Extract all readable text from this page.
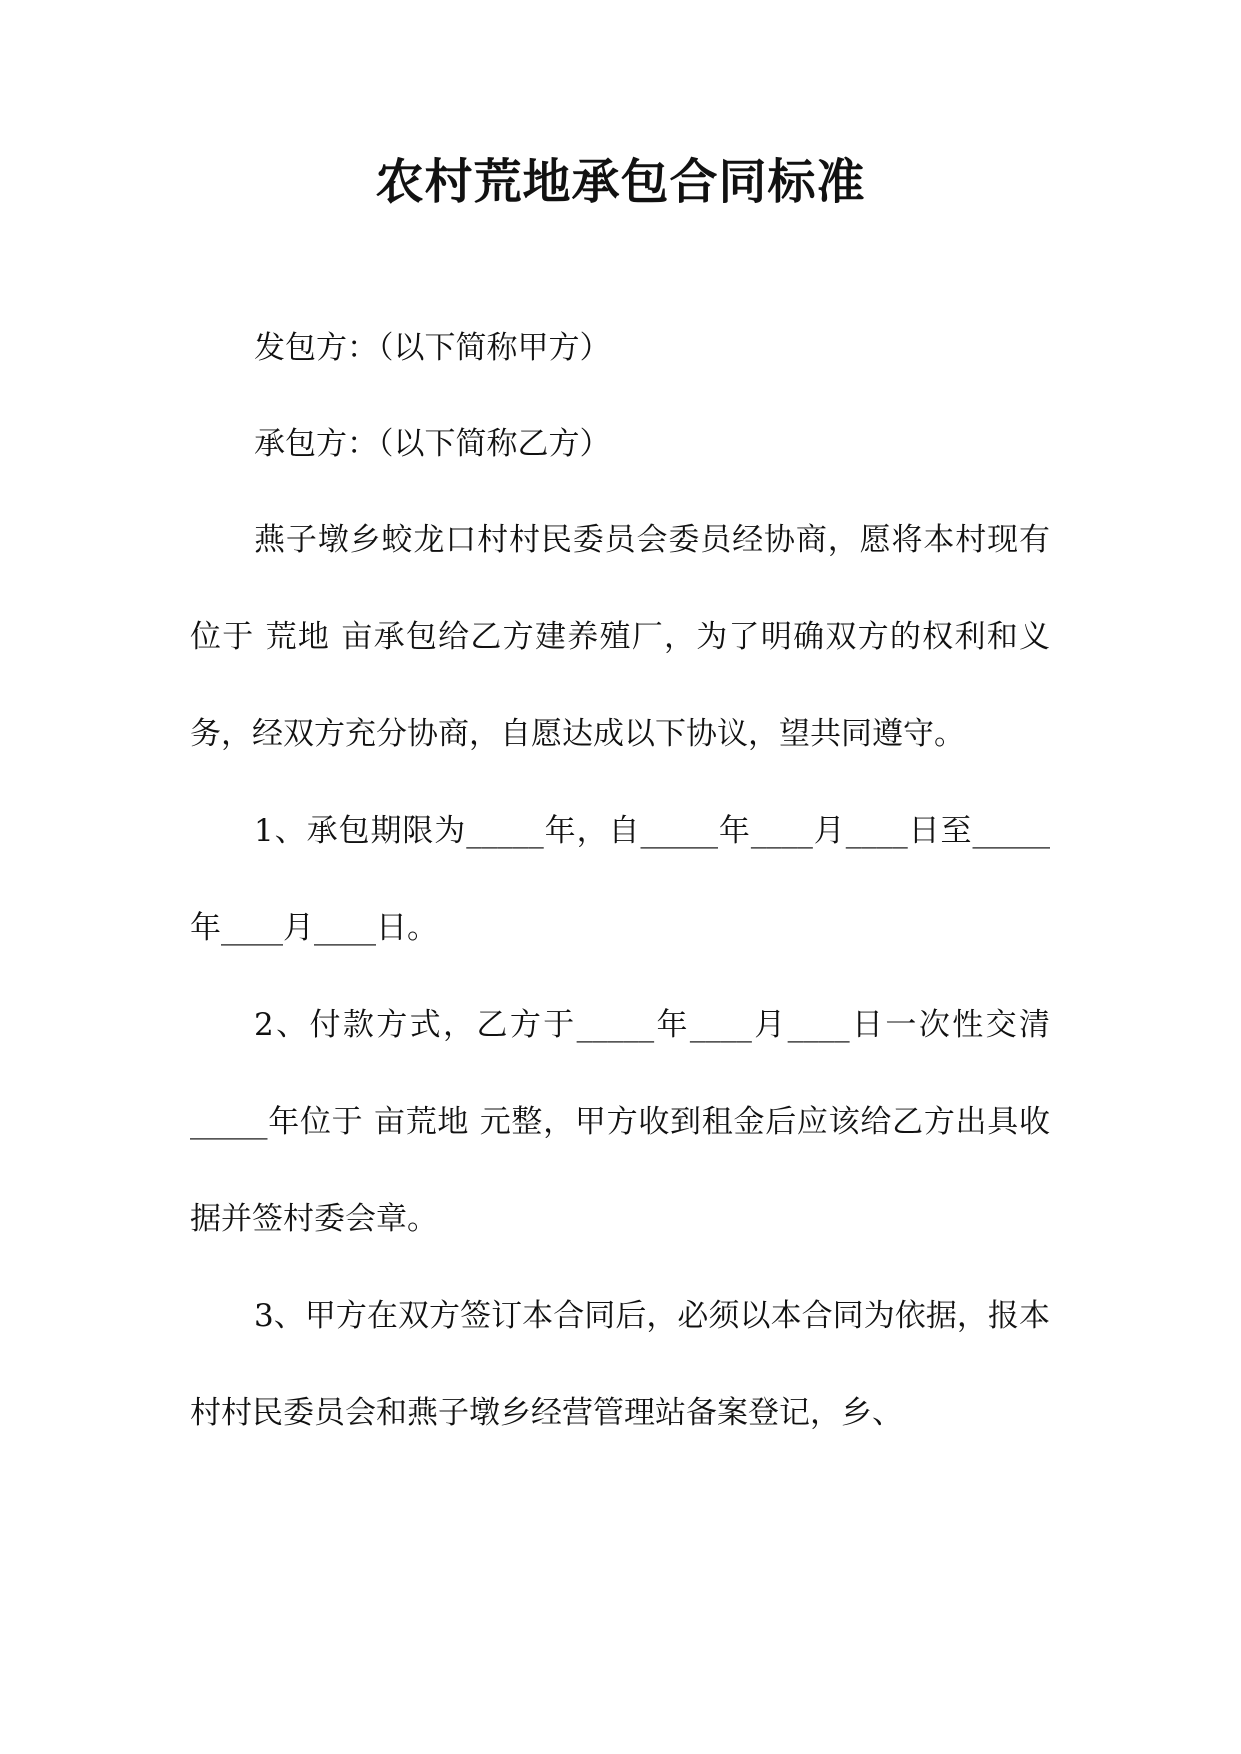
农村荒地承包合同标准

发包方：（以下简称甲方）

承包方：（以下简称乙方）

燕子墩乡蛟龙口村村民委员会委员经协商，愿将本村现有位于 荒地 亩承包给乙方建养殖厂，为了明确双方的权利和义务，经双方充分协商，自愿达成以下协议，望共同遵守。

1、承包期限为_____年，自_____年____月____日至_____年____月____日。

2、付款方式，乙方于_____年____月____日一次性交清_____年位于 亩荒地 元整，甲方收到租金后应该给乙方出具收据并签村委会章。

3、甲方在双方签订本合同后，必须以本合同为依据，报本村村民委员会和燕子墩乡经营管理站备案登记，乡、
